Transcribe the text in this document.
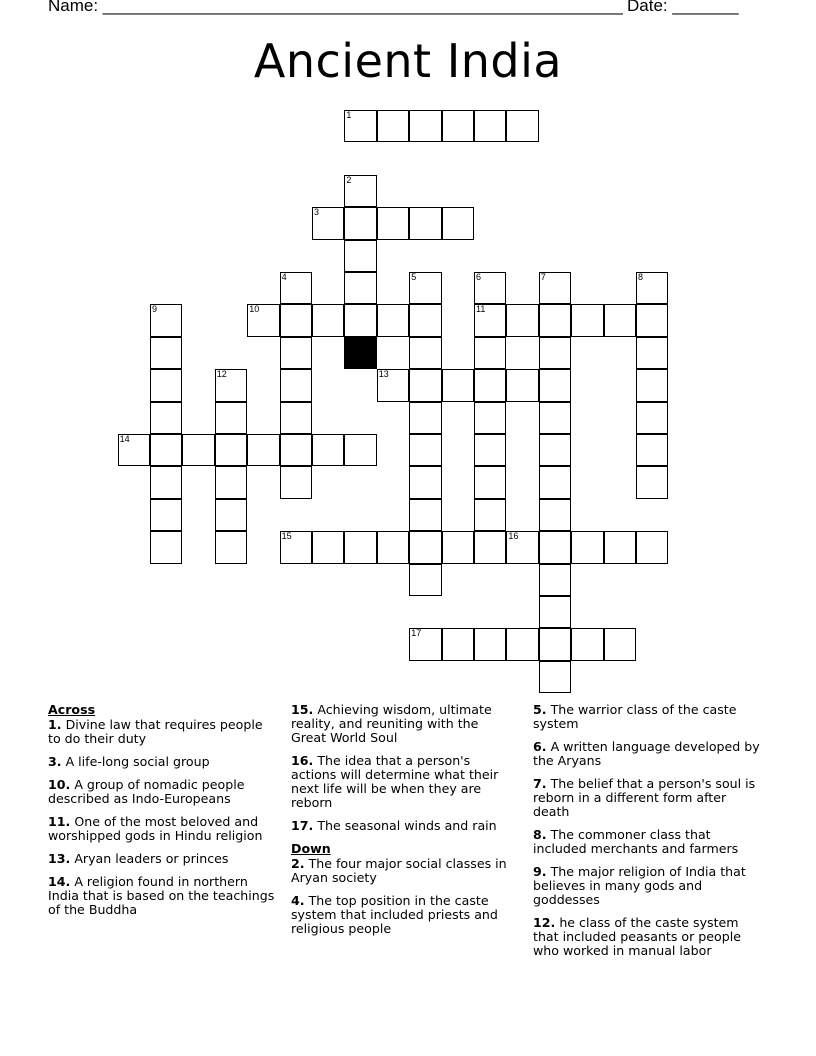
Name: _______________________________________________________ Date: _______
Ancient India
1
2
3
4	5	6	7	8
9	10	11
12	13
14
15	16
17
Across
1. Divine law that requires people to do their duty
3. A life-long social group
10. A group of nomadic people described as Indo-Europeans
11. One of the most beloved and worshipped gods in Hindu religion
13. Aryan leaders or princes
14. A religion found in northern India that is based on the teachings of the Buddha
15. Achieving wisdom, ultimate reality, and reuniting with the Great World Soul
16. The idea that a person's actions will determine what their next life will be when they are reborn
17. The seasonal winds and rain
Down
2. The four major social classes in Aryan society
4. The top position in the caste system that included priests and religious people
5. The warrior class of the caste system
6. A written language developed by the Aryans
7. The belief that a person's soul is reborn in a different form after death
8. The commoner class that included merchants and farmers
9. The major religion of India that believes in many gods and goddesses
12. he class of the caste system that included peasants or people who worked in manual labor
